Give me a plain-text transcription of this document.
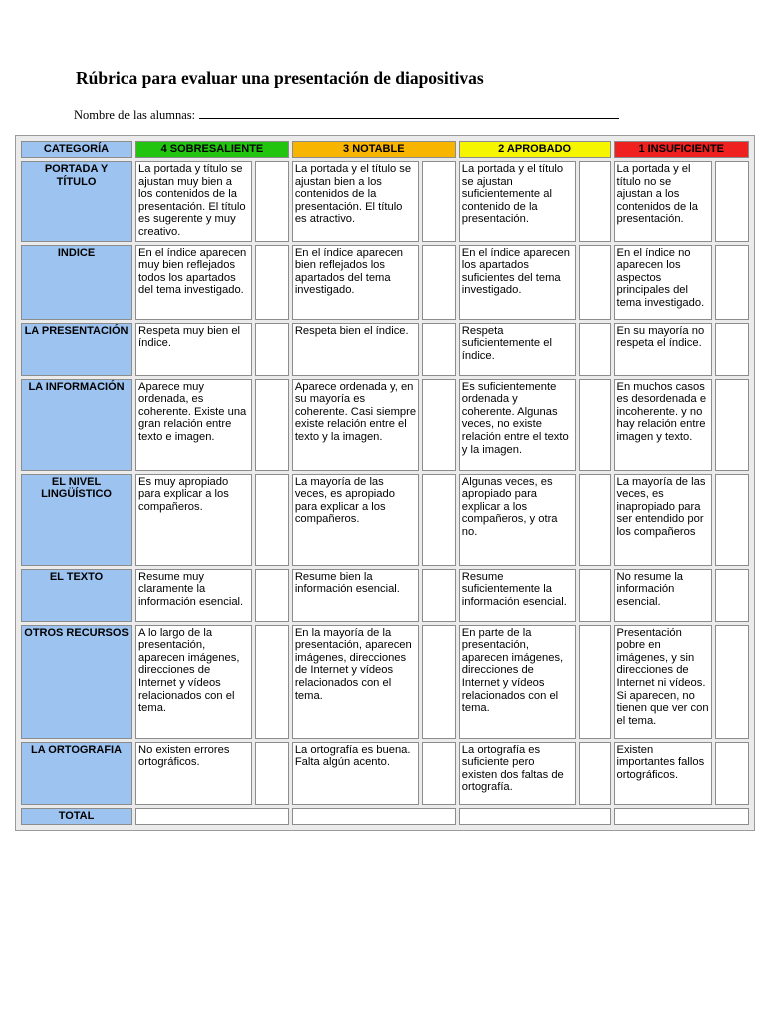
Rúbrica para evaluar una presentación de diapositivas
Nombre de las alumnas:
CATEGORÍA	4 SOBRESALIENTE		3 NOTABLE		2 APROBADO		1 INSUFICIENTE	
PORTADA Y TÍTULO	La portada y título se ajustan muy bien a los contenidos de la presentación. El título es sugerente y muy creativo.		La portada y el título se ajustan bien a los contenidos de la presentación. El título es atractivo.		La portada y el título se ajustan suficientemente al contenido de la presentación.		La portada y el título no se ajustan a los contenidos de la presentación.	
INDICE	En el índice aparecen muy bien reflejados todos los apartados del tema investigado.		En el índice aparecen bien reflejados los apartados del tema investigado.		En el índice aparecen los apartados suficientes del tema investigado.		En el índice no aparecen los aspectos principales del tema investigado.	
LA PRESENTACIÓN	Respeta muy bien el índice.		Respeta bien el índice.		Respeta suficientemente el índice.		En su mayoría no respeta el índice.	
LA INFORMACIÓN	Aparece muy ordenada, es coherente. Existe una gran relación entre texto e imagen.		Aparece ordenada y, en su mayoría es coherente. Casi siempre existe relación entre el texto y la imagen.		Es suficientemente ordenada y coherente. Algunas veces, no existe relación entre el texto y la imagen.		En muchos casos es desordenada e incoherente. y no hay relación entre imagen y texto.	
EL NIVEL LINGÜÍSTICO	Es muy apropiado para explicar a los compañeros.		La mayoría de las veces, es apropiado para explicar a los compañeros.		Algunas veces, es apropiado para explicar a los compañeros, y otra no.		La mayoría de las veces, es inapropiado para ser entendido por los compañeros	
EL TEXTO	Resume muy claramente la información esencial.		Resume bien la información esencial.		Resume suficientemente la información esencial.		No resume la información esencial.	
OTROS RECURSOS	A lo largo de la presentación, aparecen imágenes, direcciones de Internet y vídeos relacionados con el tema.		En la mayoría de la presentación, aparecen imágenes, direcciones de Internet y vídeos relacionados con el tema.		En parte de la presentación, aparecen imágenes, direcciones de Internet y vídeos relacionados con el tema.		Presentación pobre en imágenes, y sin direcciones de Internet ni vídeos. Si aparecen, no tienen que ver con el tema.	
LA ORTOGRAFIA	No existen errores ortográficos.		La ortografía es buena. Falta algún acento.		La ortografía es suficiente pero existen dos faltas de ortografía.		Existen importantes fallos ortográficos.	
TOTAL								
